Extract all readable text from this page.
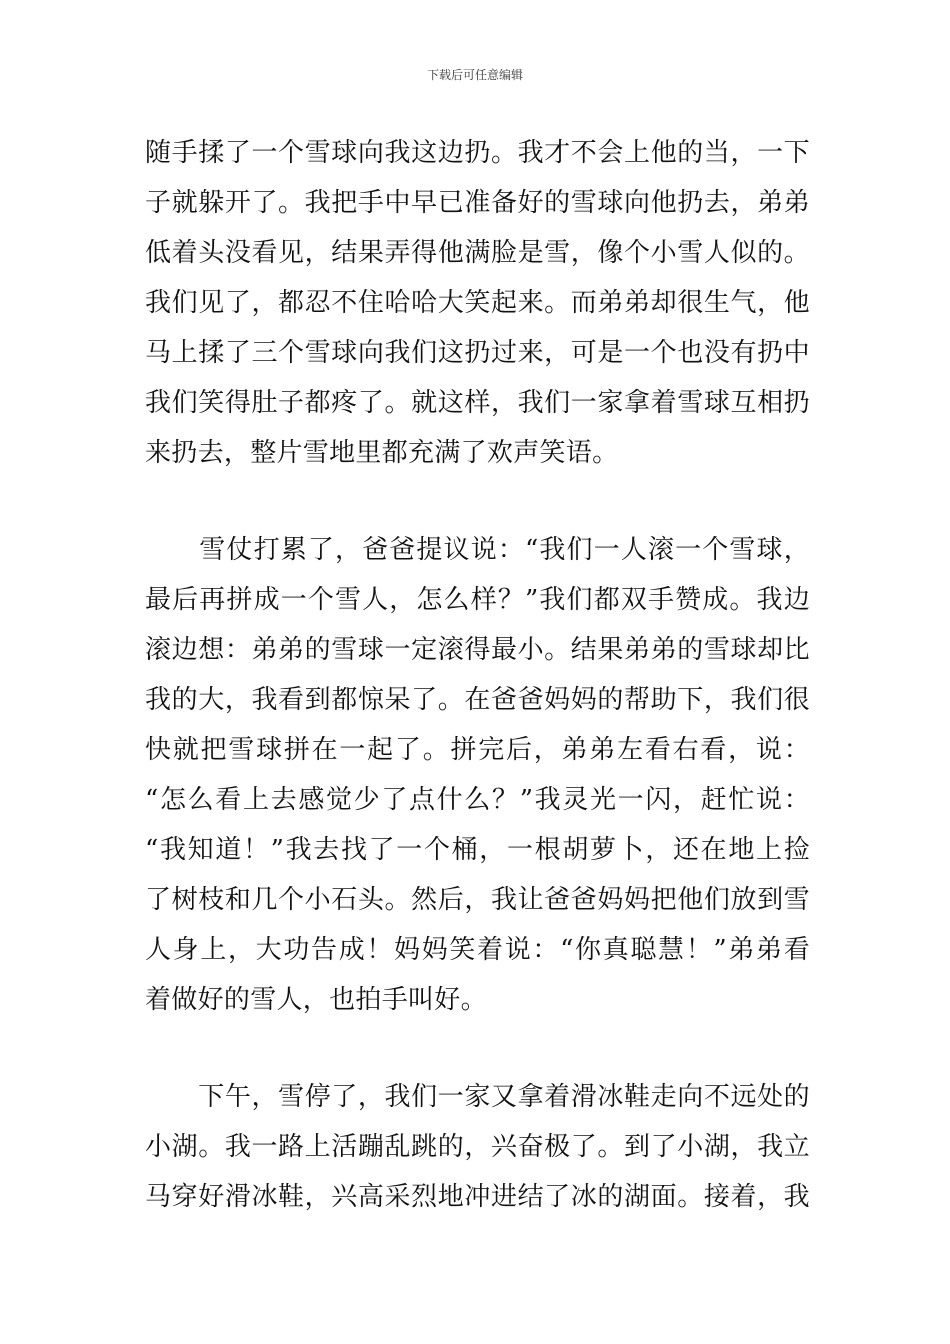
下载后可任意编辑
随手揉了一个雪球向我这边扔。我才不会上他的当，一下
子就躲开了。我把手中早已准备好的雪球向他扔去，弟弟
低着头没看见，结果弄得他满脸是雪，像个小雪人似的。
我们见了，都忍不住哈哈大笑起来。而弟弟却很生气，他
马上揉了三个雪球向我们这扔过来，可是一个也没有扔中
我们笑得肚子都疼了。就这样，我们一家拿着雪球互相扔
来扔去，整片雪地里都充满了欢声笑语。
　　雪仗打累了，爸爸提议说：“我们一人滚一个雪球，
最后再拼成一个雪人，怎么样？”我们都双手赞成。我边
滚边想：弟弟的雪球一定滚得最小。结果弟弟的雪球却比
我的大，我看到都惊呆了。在爸爸妈妈的帮助下，我们很
快就把雪球拼在一起了。拼完后，弟弟左看右看，说：
“怎么看上去感觉少了点什么？”我灵光一闪，赶忙说：
“我知道！”我去找了一个桶，一根胡萝卜，还在地上捡
了树枝和几个小石头。然后，我让爸爸妈妈把他们放到雪
人身上，大功告成！妈妈笑着说：“你真聪慧！”弟弟看
着做好的雪人，也拍手叫好。
　　下午，雪停了，我们一家又拿着滑冰鞋走向不远处的
小湖。我一路上活蹦乱跳的，兴奋极了。到了小湖，我立
马穿好滑冰鞋，兴高采烈地冲进结了冰的湖面。接着，我
